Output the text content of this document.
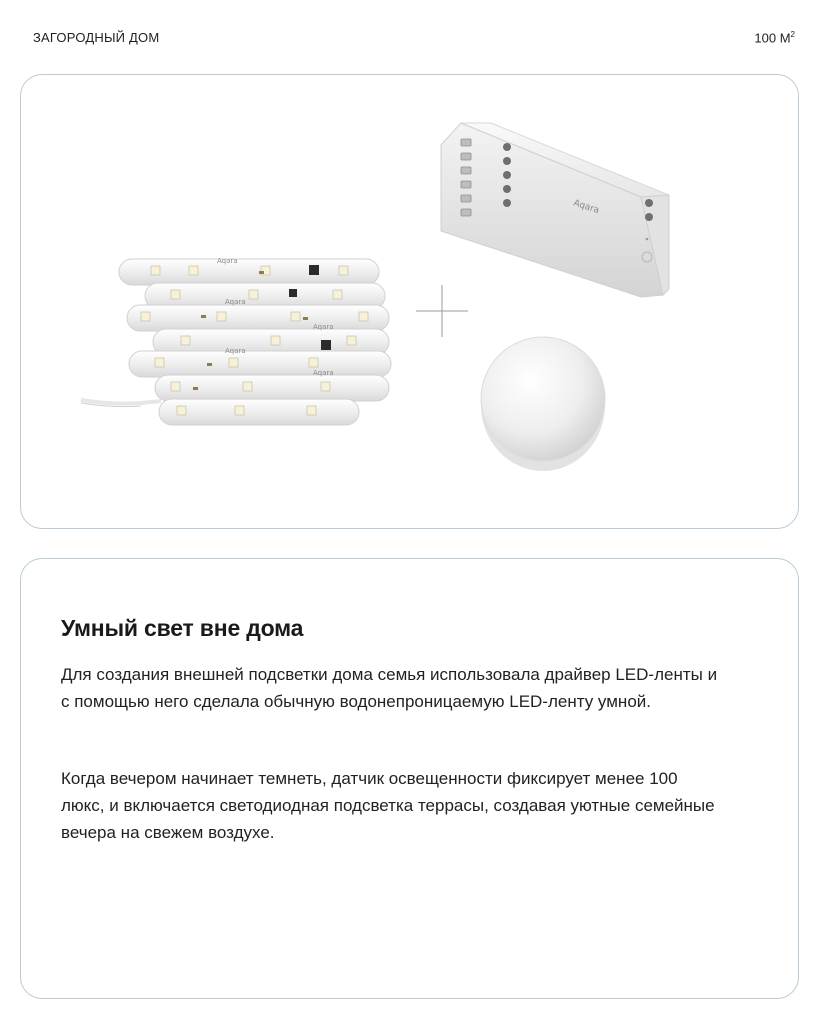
ЗАГОРОДНЫЙ ДОМ	100 $М^2$
Aqara
Aqara
Aqara
Aqara
Aqara
Aqara
Умный свет вне дома
Для создания внешней подсветки дома семья использовала драйвер LED-ленты и с помощью него сделала обычную водонепроницаемую LED-ленту умной.
Когда вечером начинает темнеть, датчик освещенности фиксирует менее 100 люкс, и включается светодиодная подсветка террасы, создавая уютные семейные вечера на свежем воздухе.
